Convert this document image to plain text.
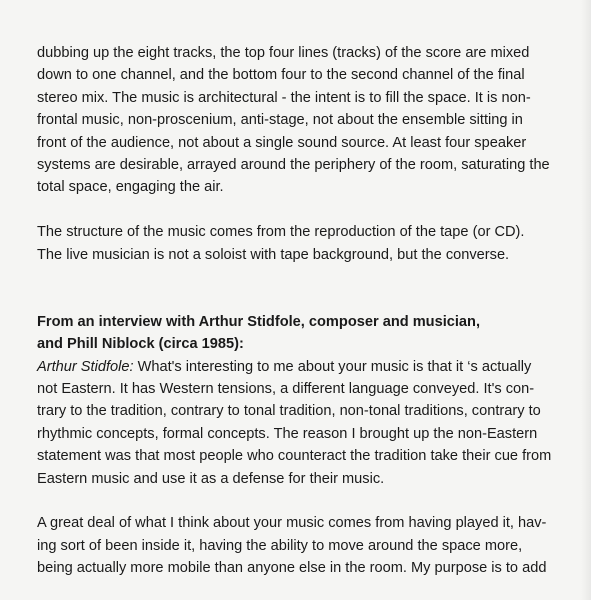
dubbing up the eight tracks, the top four lines (tracks) of the score are mixed

down to one channel, and the bottom four to the second channel of the final

stereo mix. The music is architectural - the intent is to fill the space. It is non-

frontal music, non-proscenium, anti-stage, not about the ensemble sitting in

front of the audience, not about a single sound source. At least four speaker

systems are desirable, arrayed around the periphery of the room, saturating the

total space, engaging the air.

The structure of the music comes from the reproduction of the tape (or CD).

The live musician is not a soloist with tape background, but the converse.

From an interview with Arthur Stidfole, composer and musician,

and Phill Niblock (circa 1985):

Arthur Stidfole: What's interesting to me about your music is that it ‘s actually

not Eastern. It has Western tensions, a different language conveyed. It's con-

trary to the tradition, contrary to tonal tradition, non-tonal traditions, contrary to

rhythmic concepts, formal concepts. The reason I brought up the non-Eastern

statement was that most people who counteract the tradition take their cue from

Eastern music and use it as a defense for their music.

A great deal of what I think about your music comes from having played it, hav-

ing sort of been inside it, having the ability to move around the space more,

being actually more mobile than anyone else in the room. My purpose is to add
